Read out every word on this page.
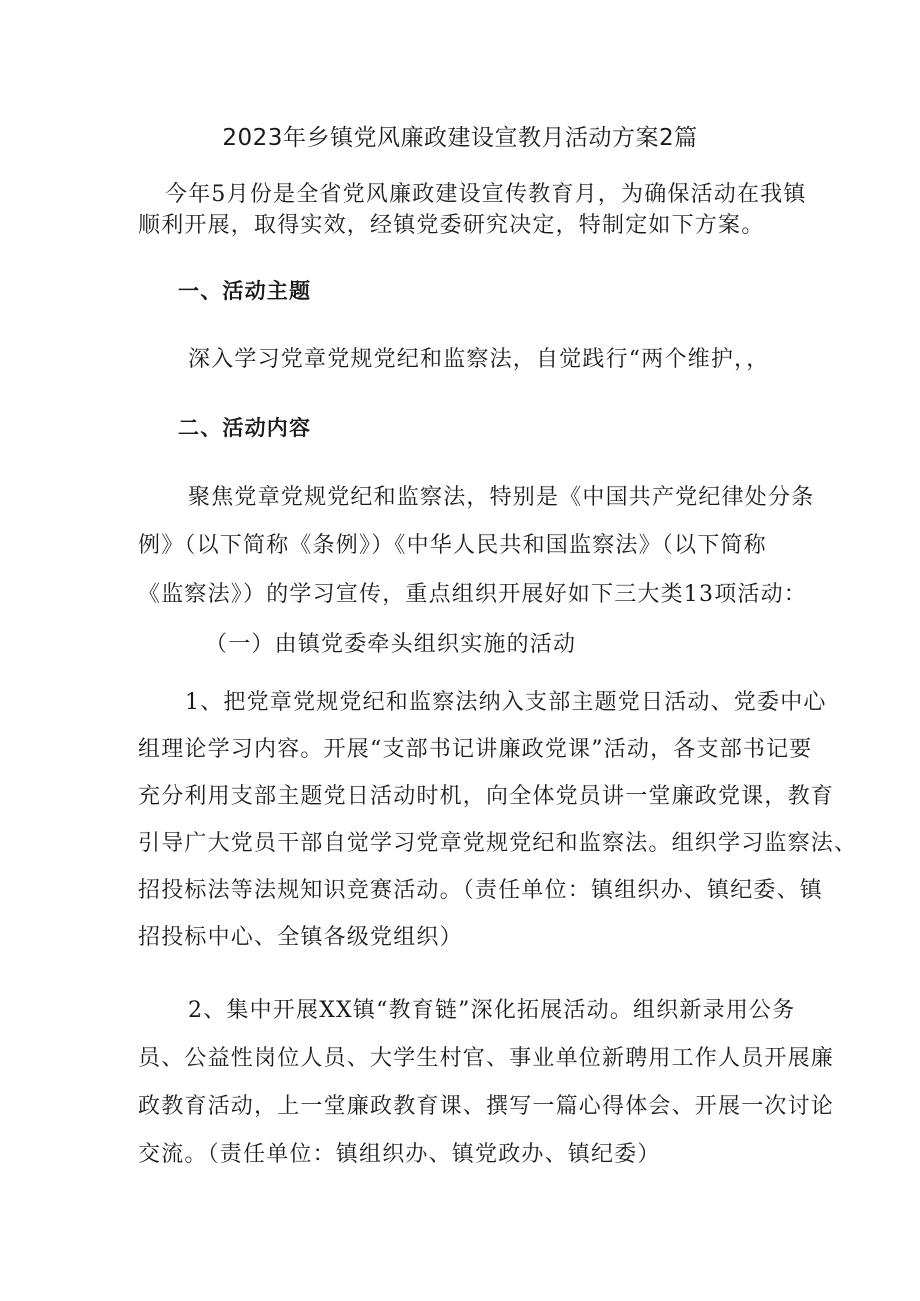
2023年乡镇党风廉政建设宣教月活动方案2篇
今年5月份是全省党风廉政建设宣传教育月，为确保活动在我镇
顺利开展，取得实效，经镇党委研究决定，特制定如下方案。
一、活动主题
深入学习党章党规党纪和监察法，自觉践行“两个维护，，
二、活动内容
聚焦党章党规党纪和监察法，特别是《中国共产党纪律处分条
例》（以下简称《条例》）《中华人民共和国监察法》（以下简称
《监察法》）的学习宣传，重点组织开展好如下三大类13项活动：
（一）由镇党委牵头组织实施的活动
1、把党章党规党纪和监察法纳入支部主题党日活动、党委中心
组理论学习内容。开展“支部书记讲廉政党课”活动，各支部书记要
充分利用支部主题党日活动时机，向全体党员讲一堂廉政党课，教育
引导广大党员干部自觉学习党章党规党纪和监察法。组织学习监察法、
招投标法等法规知识竞赛活动。（责任单位：镇组织办、镇纪委、镇
招投标中心、全镇各级党组织）
2、集中开展XX镇“教育链”深化拓展活动。组织新录用公务
员、公益性岗位人员、大学生村官、事业单位新聘用工作人员开展廉
政教育活动，上一堂廉政教育课、撰写一篇心得体会、开展一次讨论
交流。（责任单位：镇组织办、镇党政办、镇纪委）
